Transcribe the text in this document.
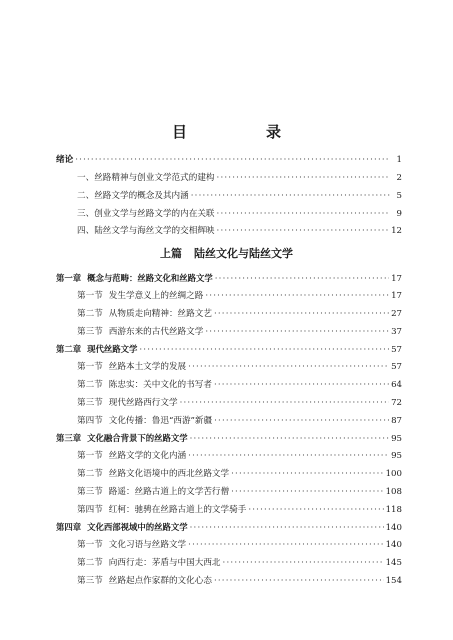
目　录
绪论 ·····	1
一、丝路精神与创业文学范式的建构 ·····	2
二、丝路文学的概念及其内涵 ·····	5
三、创业文学与丝路文学的内在关联 ·····	9
四、陆丝文学与海丝文学的交相辉映 ·····	12
上篇 陆丝文化与陆丝文学
第一章 概念与范畴：丝路文化和丝路文学 ·····	17
第一节 发生学意义上的丝绸之路 ·····	17
第二节 从物质走向精神：丝路文艺 ·····	27
第三节 西游东来的古代丝路文学 ·····	37
第二章 现代丝路文学 ·····	57
第一节 丝路本土文学的发展 ·····	57
第二节 陈忠实：关中文化的书写者 ·····	64
第三节 现代丝路西行文学 ·····	72
第四节 文化传播：鲁迅“西游”新疆 ·····	87
第三章 文化融合背景下的丝路文学 ·····	95
第一节 丝路文学的文化内涵 ·····	95
第二节 丝路文化语境中的西北丝路文学 ·····	100
第三节 路遥：丝路古道上的文学苦行僧 ·····	108
第四节 红柯：驰骋在丝路古道上的文学骑手 ·····	118
第四章 文化西部视域中的丝路文学 ·····	140
第一节 文化习语与丝路文学 ·····	140
第二节 向西行走：茅盾与中国大西北 ·····	145
第三节 丝路起点作家群的文化心态 ·····	154
